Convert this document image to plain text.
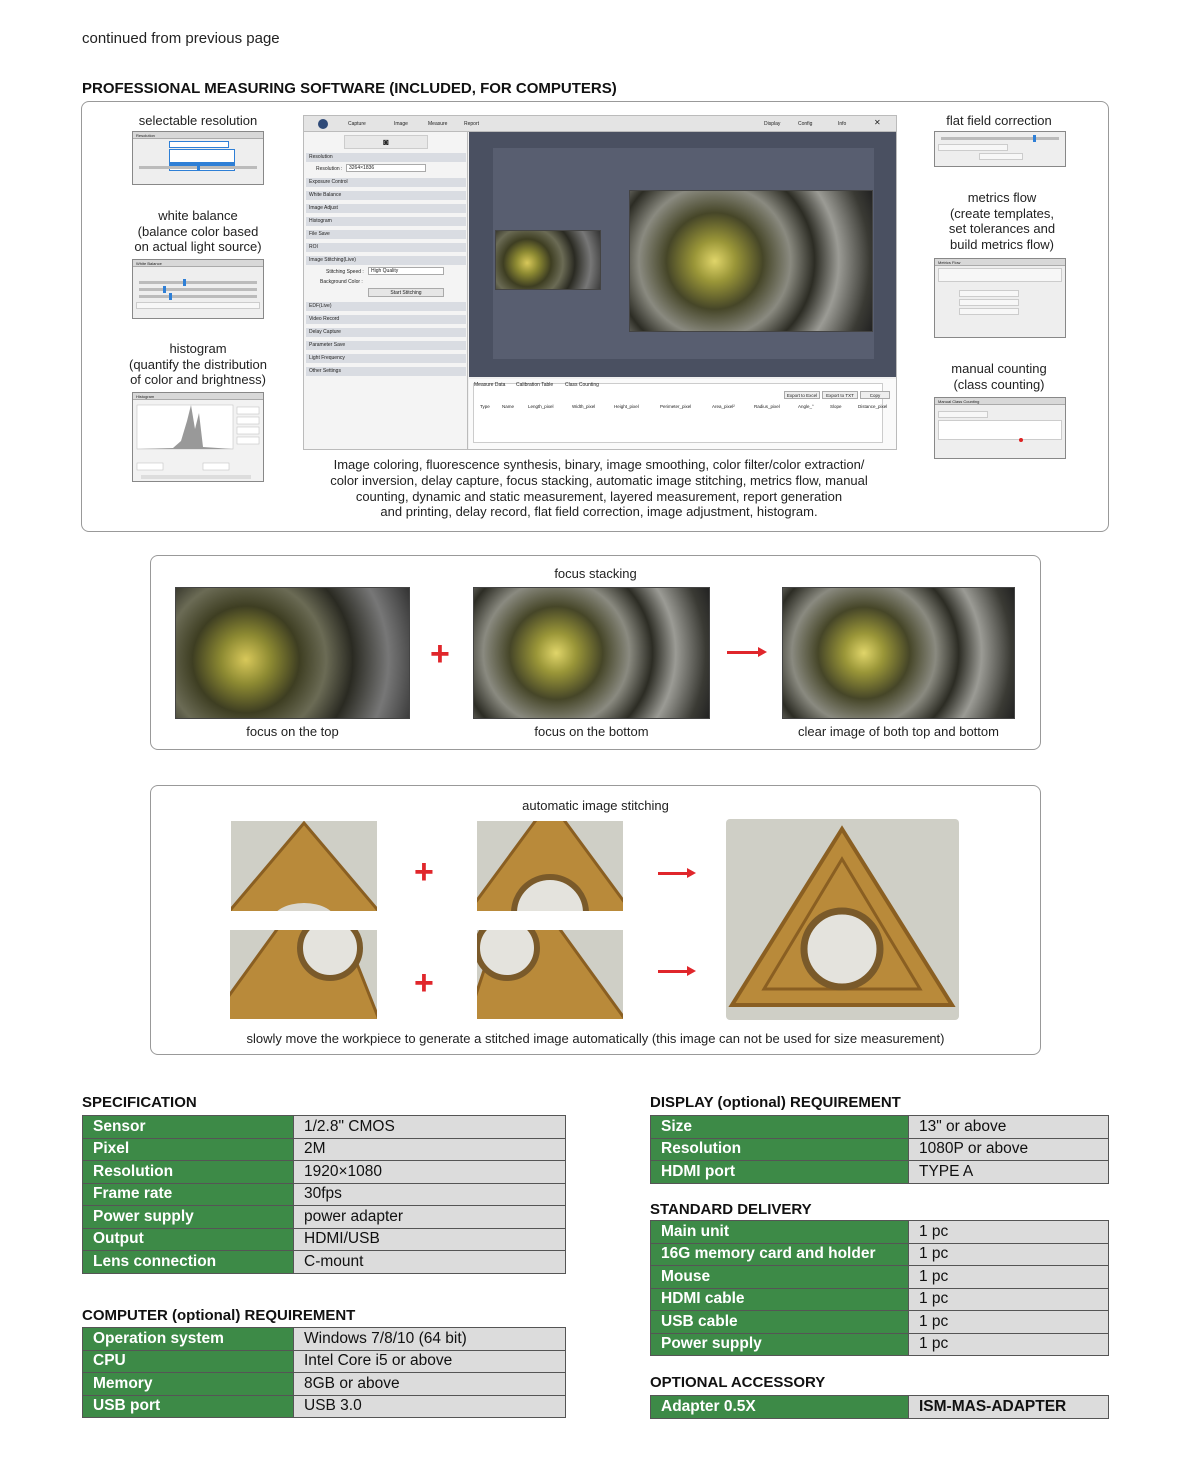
continued from previous page
PROFESSIONAL MEASURING SOFTWARE (INCLUDED, FOR COMPUTERS)
selectable resolution
Resolution
white balance
(balance color based
on actual light source)
White Balance
histogram
(quantify the distribution
of color and brightness)
Histogram
Capture	Image	Measure	Report	Display	Config	Info	✕
◙
Resolution
Resolution :	3264×1836
Exposure Control
White Balance
Image Adjust
Histogram
File Save
ROI
Image Stitching(Live)
Stitching Speed :	High Quality
Background Color :
Start Stitching
EDF(Live)
Video Record
Delay Capture
Parameter Save
Light Frequency
Other Settings
Measure Data Calibration Table Class Counting
Export to Excel	Export to TXT	Copy
Type	Name	Length_pixel	Width_pixel	Height_pixel	Perimeter_pixel	Area_pixel²	Radius_pixel	Angle_°	Slope	Distance_pixel
Image coloring, fluorescence synthesis, binary, image smoothing, color filter/color extraction/
color inversion, delay capture, focus stacking, automatic image stitching, metrics flow, manual
counting, dynamic and static measurement, layered measurement, report generation
and printing, delay record, flat field correction, image adjustment, histogram.
flat field correction
metrics flow
(create templates,
set tolerances and
build metrics flow)
Metrics Flow
manual counting
(class counting)
Manual Class Counting
focus stacking
+
focus on the top	focus on the bottom	clear image of both top and bottom
automatic image stitching
+
+
slowly move the workpiece to generate a stitched image automatically (this image can not be used for size measurement)
SPECIFICATION
Sensor	1/2.8" CMOS
Pixel	2M
Resolution	1920×1080
Frame rate	30fps
Power supply	power adapter
Output	HDMI/USB
Lens connection	C-mount
COMPUTER (optional) REQUIREMENT
Operation system	Windows 7/8/10 (64 bit)
CPU	Intel Core i5 or above
Memory	8GB or above
USB port	USB 3.0
DISPLAY (optional) REQUIREMENT
Size	13" or above
Resolution	1080P or above
HDMI port	TYPE A
STANDARD DELIVERY
Main unit	1 pc
16G memory card and holder	1 pc
Mouse	1 pc
HDMI cable	1 pc
USB cable	1 pc
Power supply	1 pc
OPTIONAL ACCESSORY
Adapter 0.5X	ISM-MAS-ADAPTER
